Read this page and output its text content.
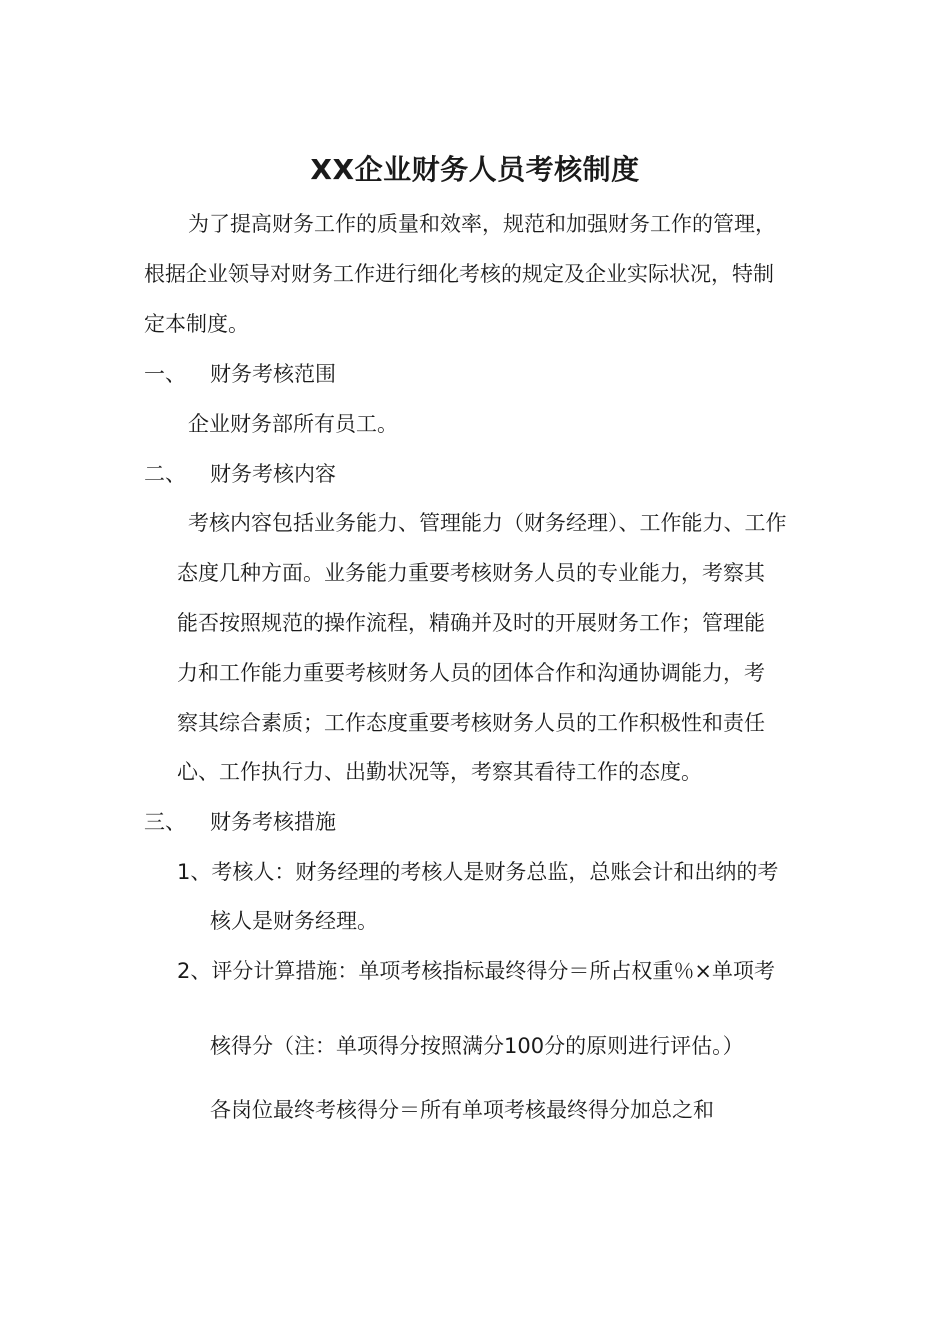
XX企业财务人员考核制度
为了提高财务工作的质量和效率，规范和加强财务工作的管理，
根据企业领导对财务工作进行细化考核的规定及企业实际状况，特制
定本制度。
一、 财务考核范围
企业财务部所有员工。
二、 财务考核内容
考核内容包括业务能力、管理能力（财务经理）、工作能力、工作
态度几种方面。业务能力重要考核财务人员的专业能力，考察其
能否按照规范的操作流程，精确并及时的开展财务工作；管理能
力和工作能力重要考核财务人员的团体合作和沟通协调能力，考
察其综合素质；工作态度重要考核财务人员的工作积极性和责任
心、工作执行力、出勤状况等，考察其看待工作的态度。
三、 财务考核措施
1、考核人：财务经理的考核人是财务总监，总账会计和出纳的考
核人是财务经理。
2、评分计算措施：单项考核指标最终得分＝所占权重％×单项考
核得分（注：单项得分按照满分100分的原则进行评估。）
各岗位最终考核得分＝所有单项考核最终得分加总之和
